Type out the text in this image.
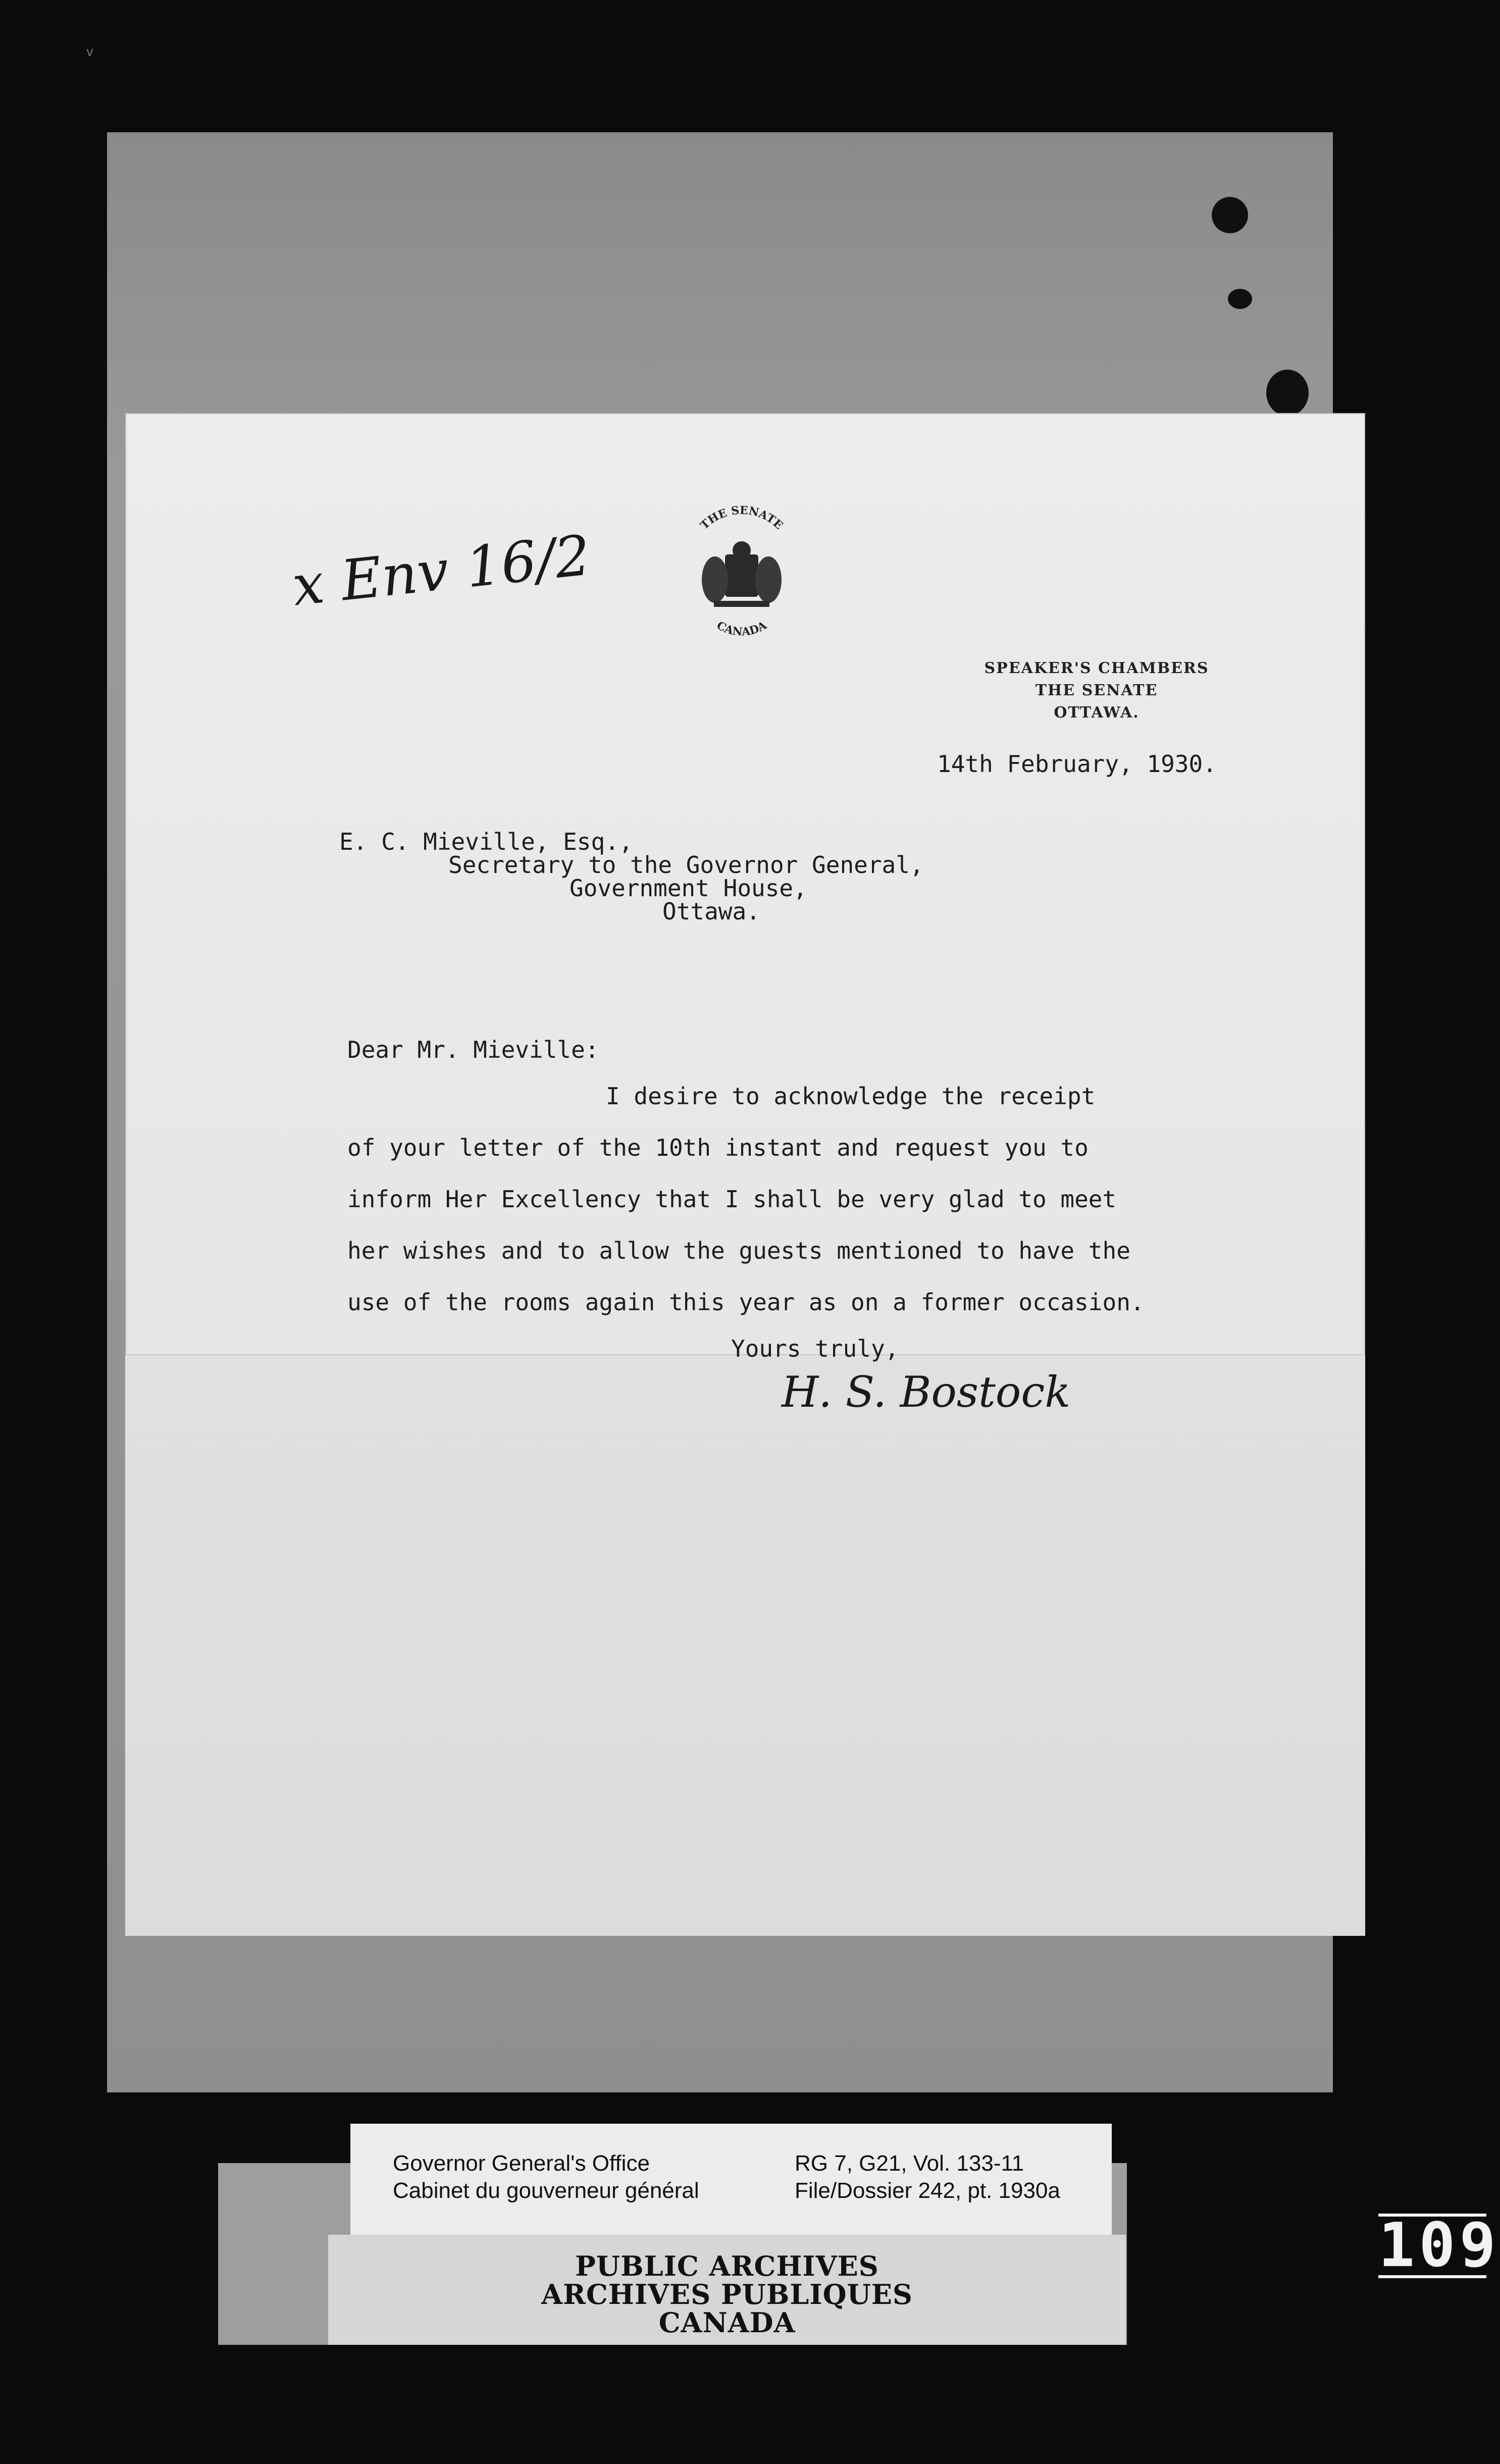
v
x Env 16/2	THE SENATE
CANADA
SPEAKER'S CHAMBERS
THE SENATE
OTTAWA.
14th February, 1930.
E. C. Mieville, Esq.,
Secretary to the Governor General,
Government House,
Ottawa.
Dear Mr. Mieville:
I desire to acknowledge the receipt
of your letter of the 10th instant and request you to
inform Her Excellency that I shall be very glad to meet
her wishes and to allow the guests mentioned to have the
use of the rooms again this year as on a former occasion.
Yours truly,
H. S. Bostock
Governor General's Office
Cabinet du gouverneur général
RG 7, G21, Vol. 133-11
File/Dossier 242, pt. 1930a
PUBLIC ARCHIVES
ARCHIVES PUBLIQUES
CANADA
109
